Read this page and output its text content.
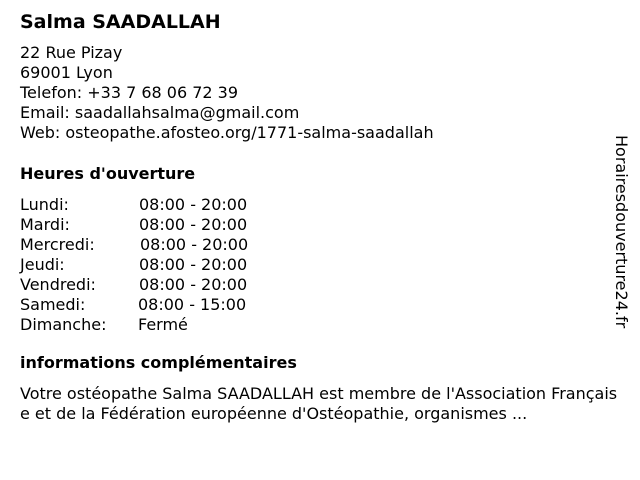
Salma SAADALLAH
22 Rue Pizay
69001 Lyon
Telefon: +33 7 68 06 72 39
Email: saadallahsalma@gmail.com
Web: osteopathe.afosteo.org/1771-salma-saadallah
Heures d'ouverture
Lundi:	08:00 - 20:00
Mardi:	08:00 - 20:00
Mercredi:	08:00 - 20:00
Jeudi:	08:00 - 20:00
Vendredi:	08:00 - 20:00
Samedi:	08:00 - 15:00
Dimanche: Fermé
informations complémentaires
Votre ostéopathe Salma SAADALLAH est membre de l'Association Française et de la Fédération européenne d'Ostéopathie, organismes ...
Horairesdouverture24.fr
